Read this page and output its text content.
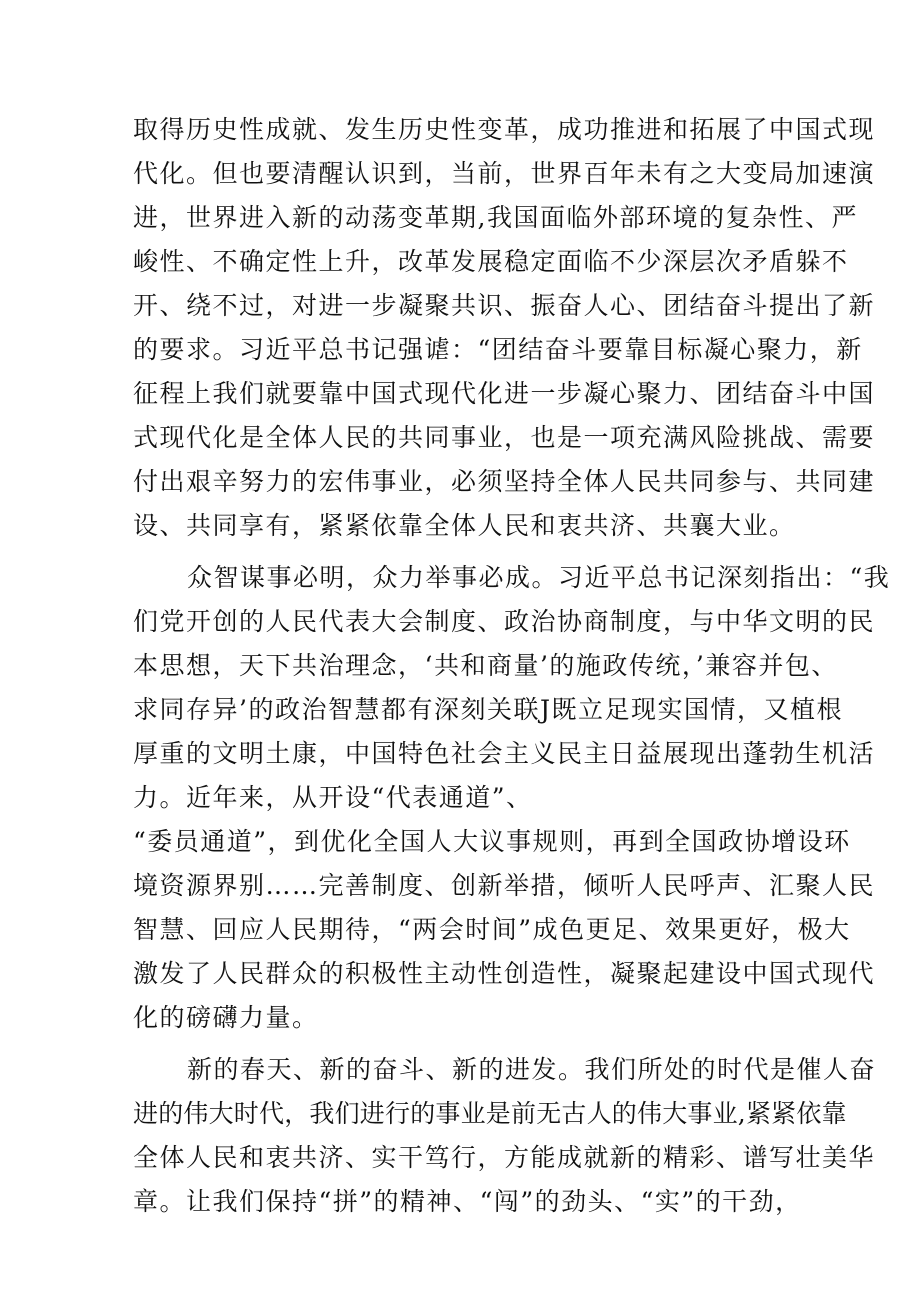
取得历史性成就、发生历史性变革，成功推进和拓展了中国式现
代化。但也要清醒认识到，当前，世界百年未有之大变局加速演
进，世界进入新的动荡变革期,我国面临外部环境的复杂性、严
峻性、不确定性上升，改革发展稳定面临不少深层次矛盾躲不
开、绕不过，对进一步凝聚共识、振奋人心、团结奋斗提出了新
的要求。习近平总书记强谑：“团结奋斗要靠目标凝心聚力，新
征程上我们就要靠中国式现代化进一步凝心聚力、团结奋斗中国
式现代化是全体人民的共同事业，也是一项充满风险挑战、需要
付出艰辛努力的宏伟事业，必须坚持全体人民共同参与、共同建
设、共同享有，紧紧依靠全体人民和衷共济、共襄大业。
众智谋事必明，众力举事必成。习近平总书记深刻指出：“我
们党开创的人民代表大会制度、政治协商制度，与中华文明的民
本思想，天下共治理念，‘共和商量’的施政传统，’兼容并包、
求同存异’的政治智慧都有深刻关联J既立足现实国情，又植根
厚重的文明土康，中国特色社会主义民主日益展现出蓬勃生机活
力。近年来，从开设“代表通道”、
“委员通道”，到优化全国人大议事规则，再到全国政协增设环
境资源界别……完善制度、创新举措，倾听人民呼声、汇聚人民
智慧、回应人民期待，“两会时间”成色更足、效果更好，极大
激发了人民群众的积极性主动性创造性，凝聚起建设中国式现代
化的磅礴力量。
新的春天、新的奋斗、新的进发。我们所处的时代是催人奋
进的伟大时代，我们进行的事业是前无古人的伟大事业,紧紧依靠
全体人民和衷共济、实干笃行，方能成就新的精彩、谱写壮美华
章。让我们保持“拼”的精神、“闯”的劲头、“实”的干劲，
